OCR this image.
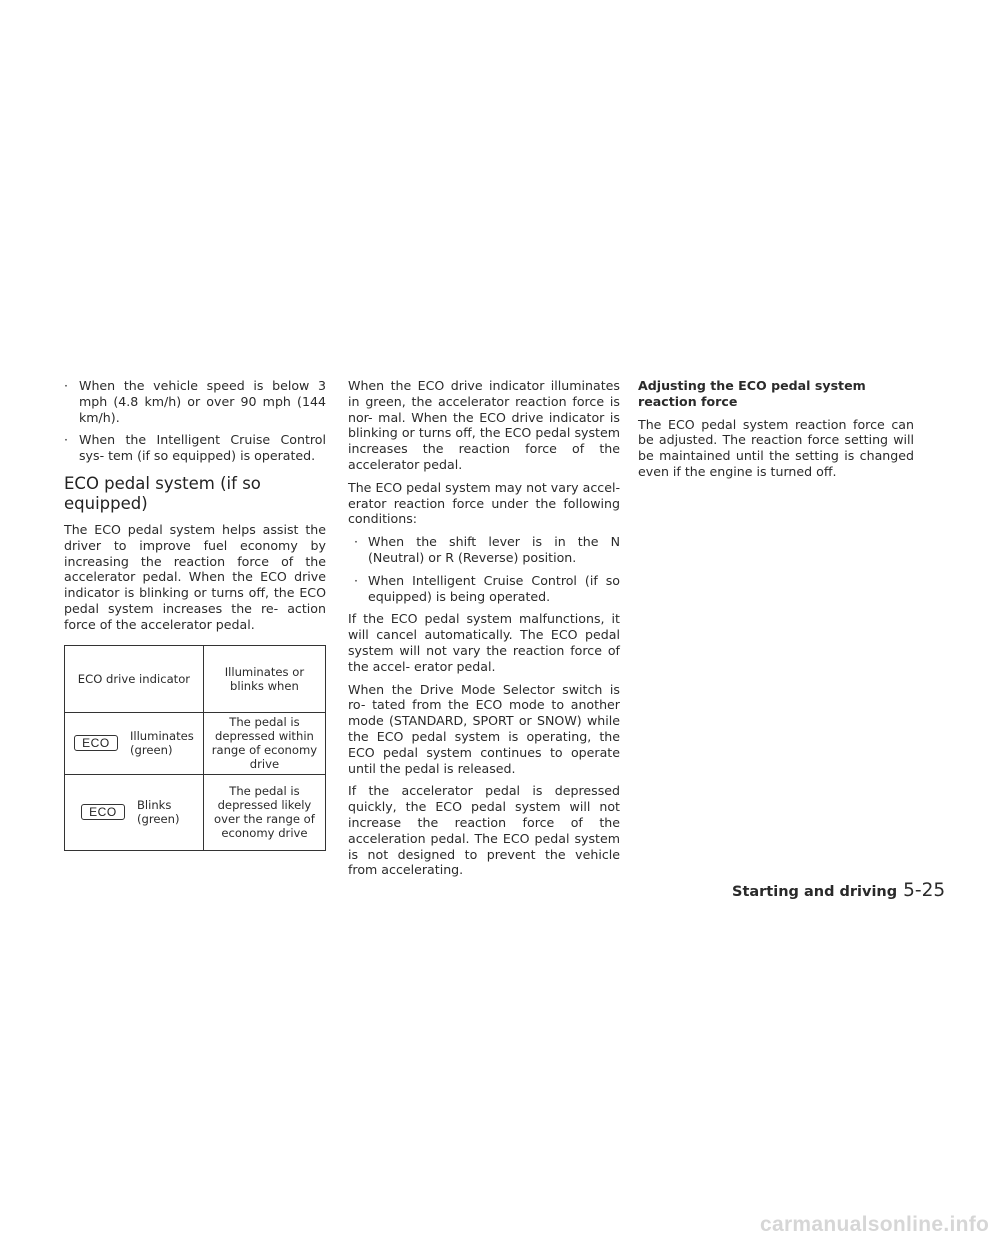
· When the vehicle speed is below 3 mph (4.8 km/h) or over 90 mph (144 km/h).
· When the Intelligent Cruise Control sys- tem (if so equipped) is operated.
ECO pedal system (if so equipped)

The ECO pedal system helps assist the driver to improve fuel economy by increasing the reaction force of the accelerator pedal. When the ECO drive indicator is blinking or turns off, the ECO pedal system increases the re- action force of the accelerator pedal.

ECO drive indicator	Illuminates or blinks when

ECO Illuminates (green)	The pedal is depressed within range of economy drive

ECO Blinks (green)	The pedal is depressed likely over the range of economy drive

When the ECO drive indicator illuminates in green, the accelerator reaction force is nor- mal. When the ECO drive indicator is blinking or turns off, the ECO pedal system increases the reaction force of the accelerator pedal.

The ECO pedal system may not vary accel- erator reaction force under the following conditions:

· When the shift lever is in the N (Neutral) or R (Reverse) position.
· When Intelligent Cruise Control (if so equipped) is being operated.

If the ECO pedal system malfunctions, it will cancel automatically. The ECO pedal system will not vary the reaction force of the accel- erator pedal.

When the Drive Mode Selector switch is ro- tated from the ECO mode to another mode (STANDARD, SPORT or SNOW) while the ECO pedal system is operating, the ECO pedal system continues to operate until the pedal is released.

If the accelerator pedal is depressed quickly, the ECO pedal system will not increase the reaction force of the acceleration pedal. The ECO pedal system is not designed to prevent the vehicle from accelerating.

Adjusting the ECO pedal system reaction force

The ECO pedal system reaction force can be adjusted. The reaction force setting will be maintained until the setting is changed even if the engine is turned off.

Starting and driving 5-25
carmanualsonline.info
